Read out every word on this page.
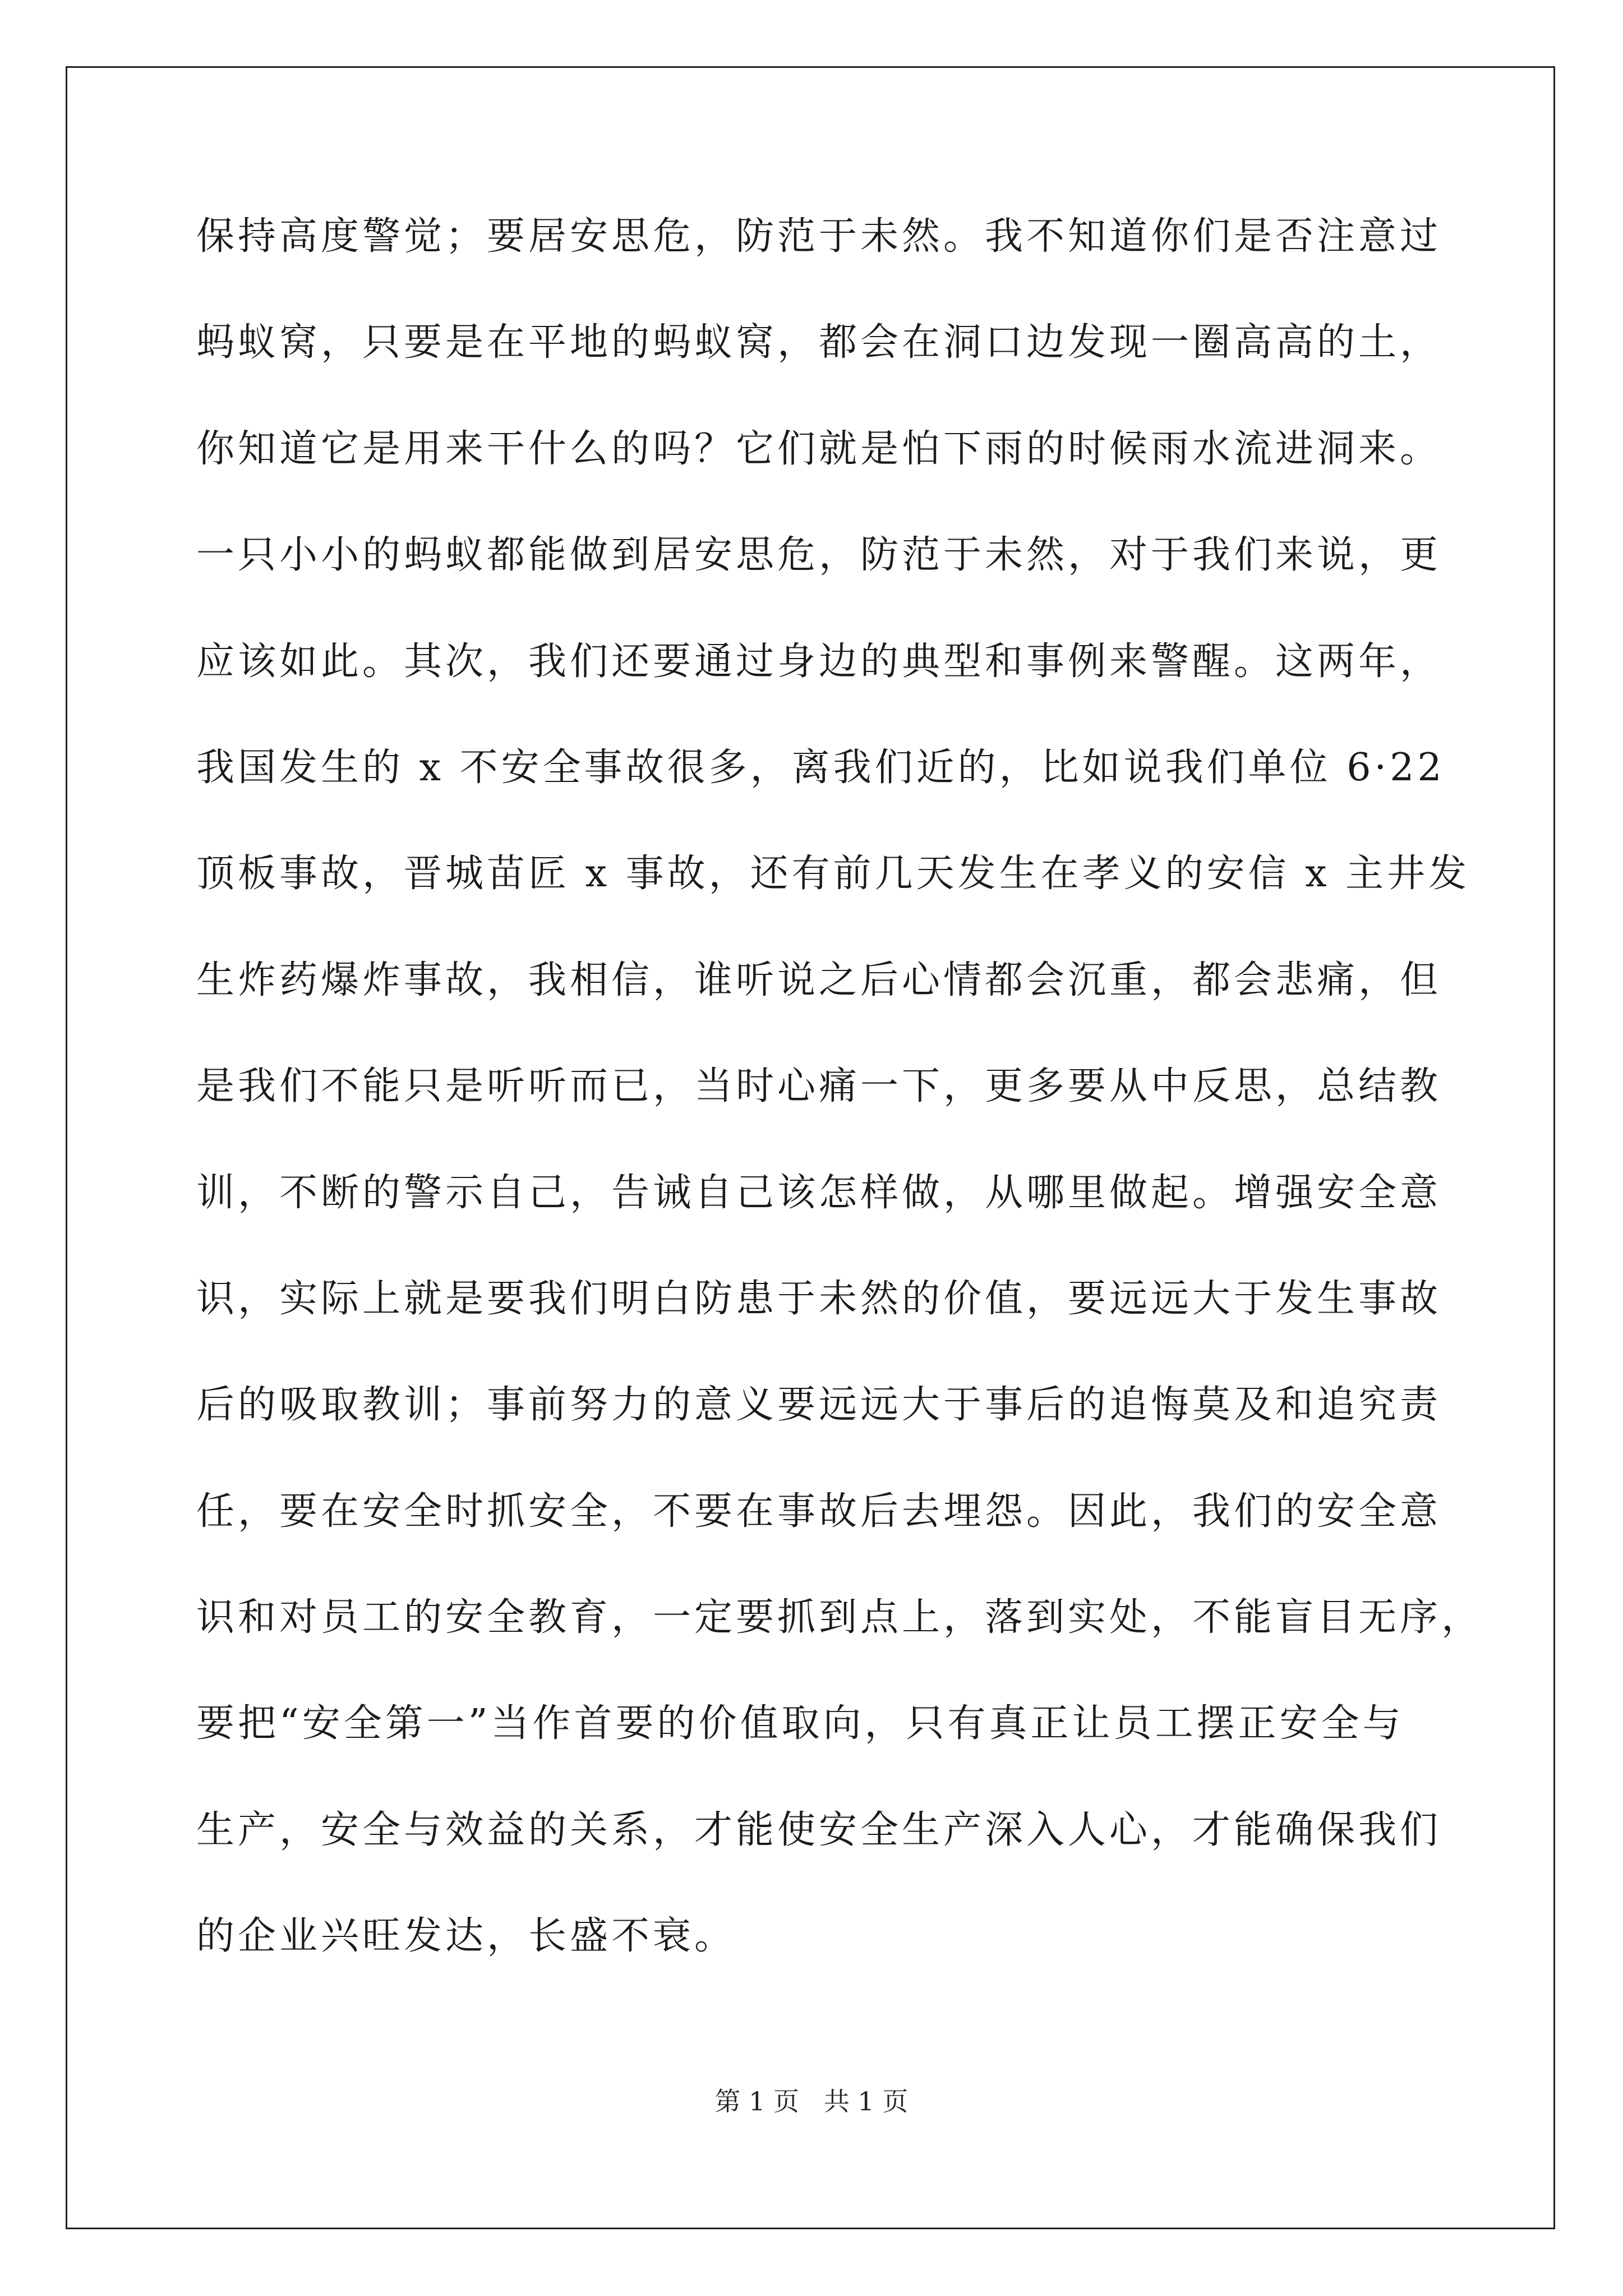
保持高度警觉；要居安思危，防范于未然。我不知道你们是否注意过
蚂蚁窝，只要是在平地的蚂蚁窝，都会在洞口边发现一圈高高的土，
你知道它是用来干什么的吗？它们就是怕下雨的时候雨水流进洞来。
一只小小的蚂蚁都能做到居安思危，防范于未然，对于我们来说，更
应该如此。其次，我们还要通过身边的典型和事例来警醒。这两年，
我国发生的 x 不安全事故很多，离我们近的，比如说我们单位 6·22
顶板事故，晋城苗匠 x 事故，还有前几天发生在孝义的安信 x 主井发
生炸药爆炸事故，我相信，谁听说之后心情都会沉重，都会悲痛，但
是我们不能只是听听而已，当时心痛一下，更多要从中反思，总结教
训，不断的警示自己，告诫自己该怎样做，从哪里做起。增强安全意
识，实际上就是要我们明白防患于未然的价值，要远远大于发生事故
后的吸取教训；事前努力的意义要远远大于事后的追悔莫及和追究责
任，要在安全时抓安全，不要在事故后去埋怨。因此，我们的安全意
识和对员工的安全教育，一定要抓到点上，落到实处，不能盲目无序，
要把“安全第一”当作首要的价值取向，只有真正让员工摆正安全与
生产，安全与效益的关系，才能使安全生产深入人心，才能确保我们
的企业兴旺发达，长盛不衰。
第 1 页   共 1 页
